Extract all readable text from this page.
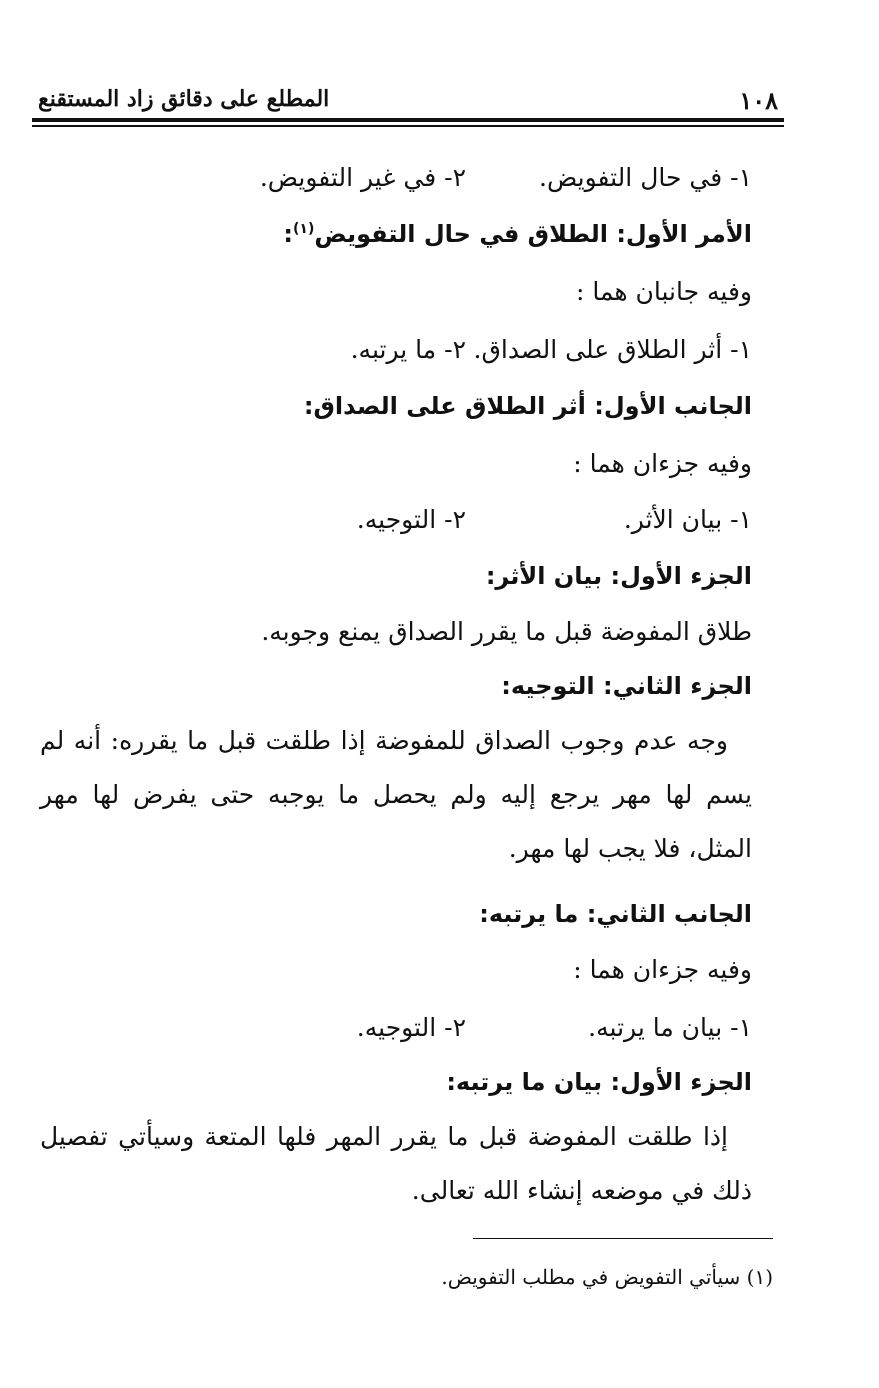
١٠٨
المطلع على دقائق زاد المستقنع
١- في حال التفويض.
٢- في غير التفويض.
الأمر الأول: الطلاق في حال التفويض$^{(١)}$:
وفيه جانبان هما :
١- أثر الطلاق على الصداق.
٢- ما يرتبه.
الجانب الأول: أثر الطلاق على الصداق:
وفيه جزءان هما :
١- بيان الأثر.
٢- التوجيه.
الجزء الأول: بيان الأثر:
طلاق المفوضة قبل ما يقرر الصداق يمنع وجوبه.
الجزء الثاني: التوجيه:
وجه عدم وجوب الصداق للمفوضة إذا طلقت قبل ما يقرره: أنه لم يسم لها مهر يرجع إليه ولم يحصل ما يوجبه حتى يفرض لها مهر المثل، فلا يجب لها مهر.
الجانب الثاني: ما يرتبه:
وفيه جزءان هما :
١- بيان ما يرتبه.
٢- التوجيه.
الجزء الأول: بيان ما يرتبه:
إذا طلقت المفوضة قبل ما يقرر المهر فلها المتعة وسيأتي تفصيل ذلك في موضعه إنشاء الله تعالى.
(١) سيأتي التفويض في مطلب التفويض.
